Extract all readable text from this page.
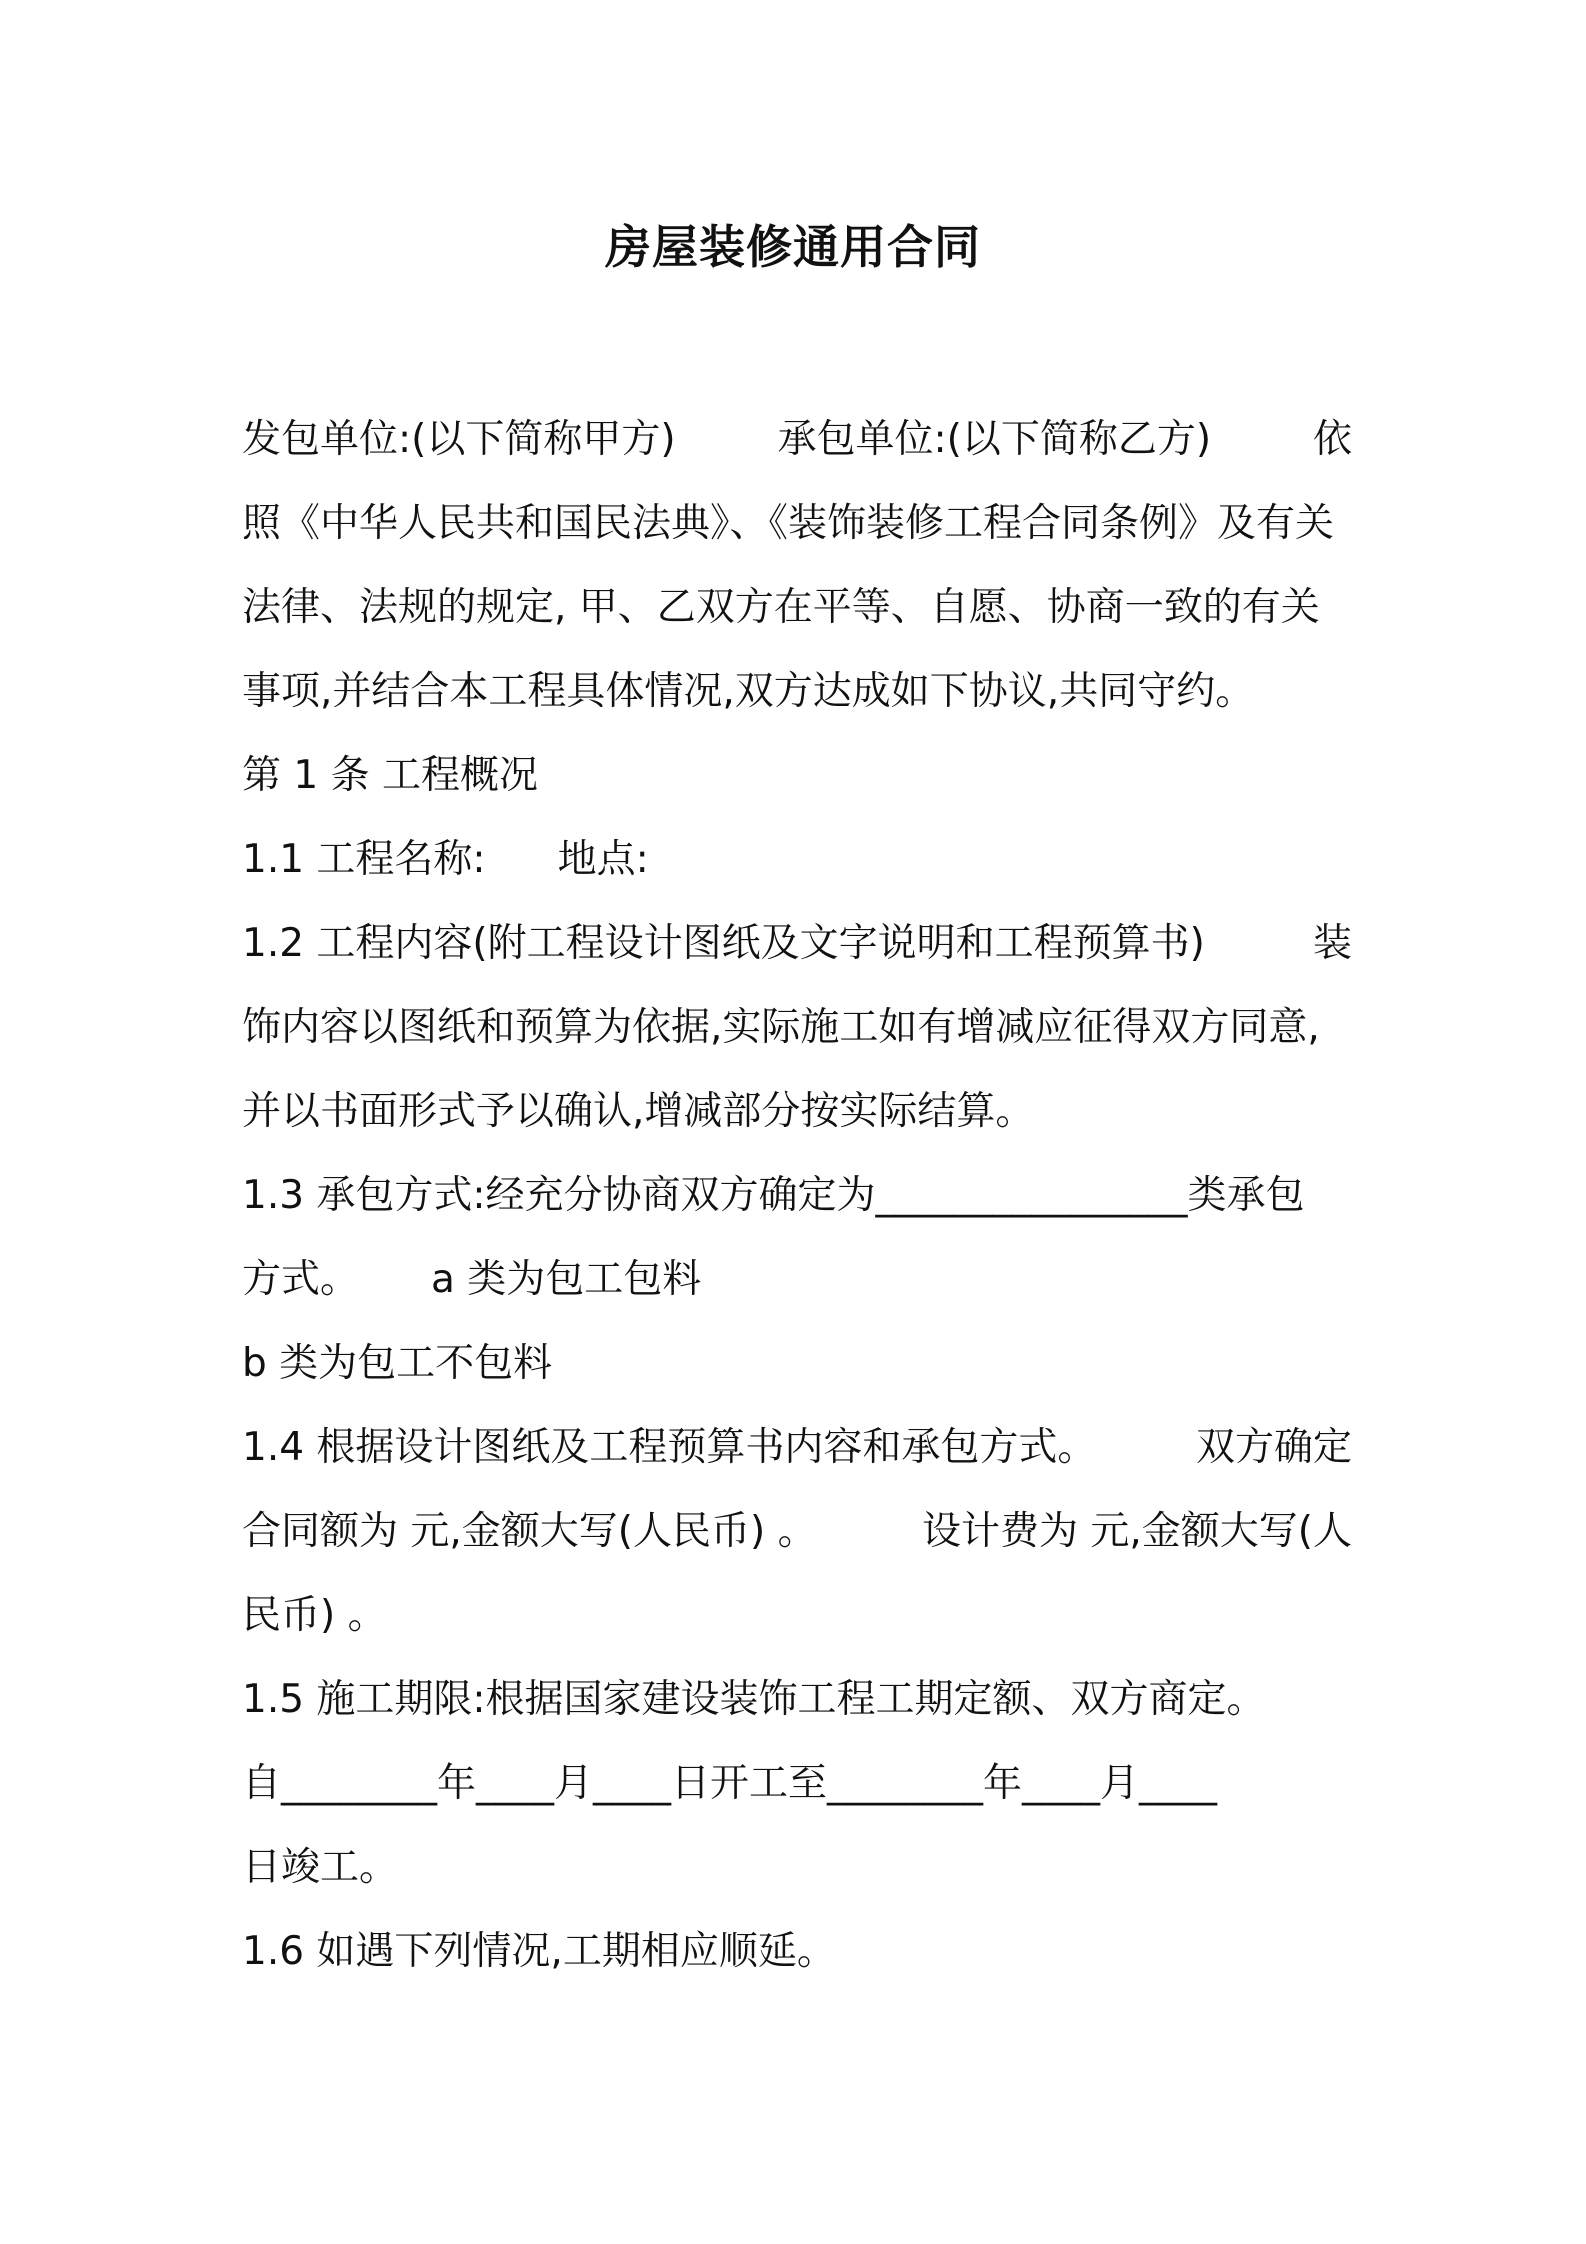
房屋装修通用合同
发包单位:(以下简称甲方)	承包单位:(以下简称乙方)	依
照《中华人民共和国民法典》、《装饰装修工程合同条例》及有关
法律、法规的规定, 甲、乙双方在平等、自愿、协商一致的有关
事项,并结合本工程具体情况,双方达成如下协议,共同守约。
第 1 条 工程概况
1.1 工程名称: 地点:
1.2 工程内容(附工程设计图纸及文字说明和工程预算书)	装
饰内容以图纸和预算为依据,实际施工如有增减应征得双方同意,
并以书面形式予以确认,增减部分按实际结算。
1.3 承包方式:经充分协商双方确定为________________类承包
方式。 a 类为包工包料
b 类为包工不包料
1.4 根据设计图纸及工程预算书内容和承包方式。	双方确定
合同额为 元,金额大写(人民币) 。	设计费为 元,金额大写(人
民币) 。
1.5 施工期限:根据国家建设装饰工程工期定额、双方商定。
自________年____月____日开工至________年____月____
日竣工。
1.6 如遇下列情况,工期相应顺延。
